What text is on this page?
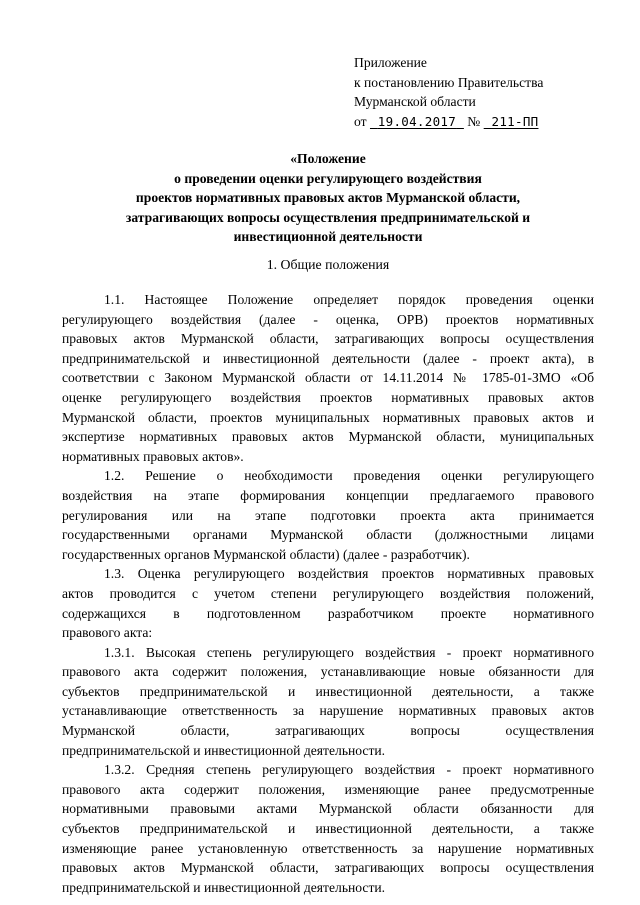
Приложение
к постановлению Правительства
Мурманской области
от 19.04.2017 № 211-ПП
«Положение
о проведении оценки регулирующего воздействия
проектов нормативных правовых актов Мурманской области,
затрагивающих вопросы осуществления предпринимательской и
инвестиционной деятельности
1. Общие положения
1.1. Настоящее Положение определяет порядок проведения оценки
регулирующего воздействия (далее - оценка, ОРВ) проектов нормативных
правовых актов Мурманской области, затрагивающих вопросы осуществления
предпринимательской и инвестиционной деятельности (далее - проект акта), в
соответствии с Законом Мурманской области от 14.11.2014 № 1785-01-ЗМО «Об
оценке регулирующего воздействия проектов нормативных правовых актов
Мурманской области, проектов муниципальных нормативных правовых актов и
экспертизе нормативных правовых актов Мурманской области, муниципальных
нормативных правовых актов».
1.2. Решение о необходимости проведения оценки регулирующего
воздействия на этапе формирования концепции предлагаемого правового
регулирования или на этапе подготовки проекта акта принимается
государственными органами Мурманской области (должностными лицами
государственных органов Мурманской области) (далее - разработчик).
1.3. Оценка регулирующего воздействия проектов нормативных правовых
актов проводится с учетом степени регулирующего воздействия положений,
содержащихся в подготовленном разработчиком проекте нормативного
правового акта:
1.3.1. Высокая степень регулирующего воздействия - проект нормативного
правового акта содержит положения, устанавливающие новые обязанности для
субъектов предпринимательской и инвестиционной деятельности, а также
устанавливающие ответственность за нарушение нормативных правовых актов
Мурманской области, затрагивающих вопросы осуществления
предпринимательской и инвестиционной деятельности.
1.3.2. Средняя степень регулирующего воздействия - проект нормативного
правового акта содержит положения, изменяющие ранее предусмотренные
нормативными правовыми актами Мурманской области обязанности для
субъектов предпринимательской и инвестиционной деятельности, а также
изменяющие ранее установленную ответственность за нарушение нормативных
правовых актов Мурманской области, затрагивающих вопросы осуществления
предпринимательской и инвестиционной деятельности.
